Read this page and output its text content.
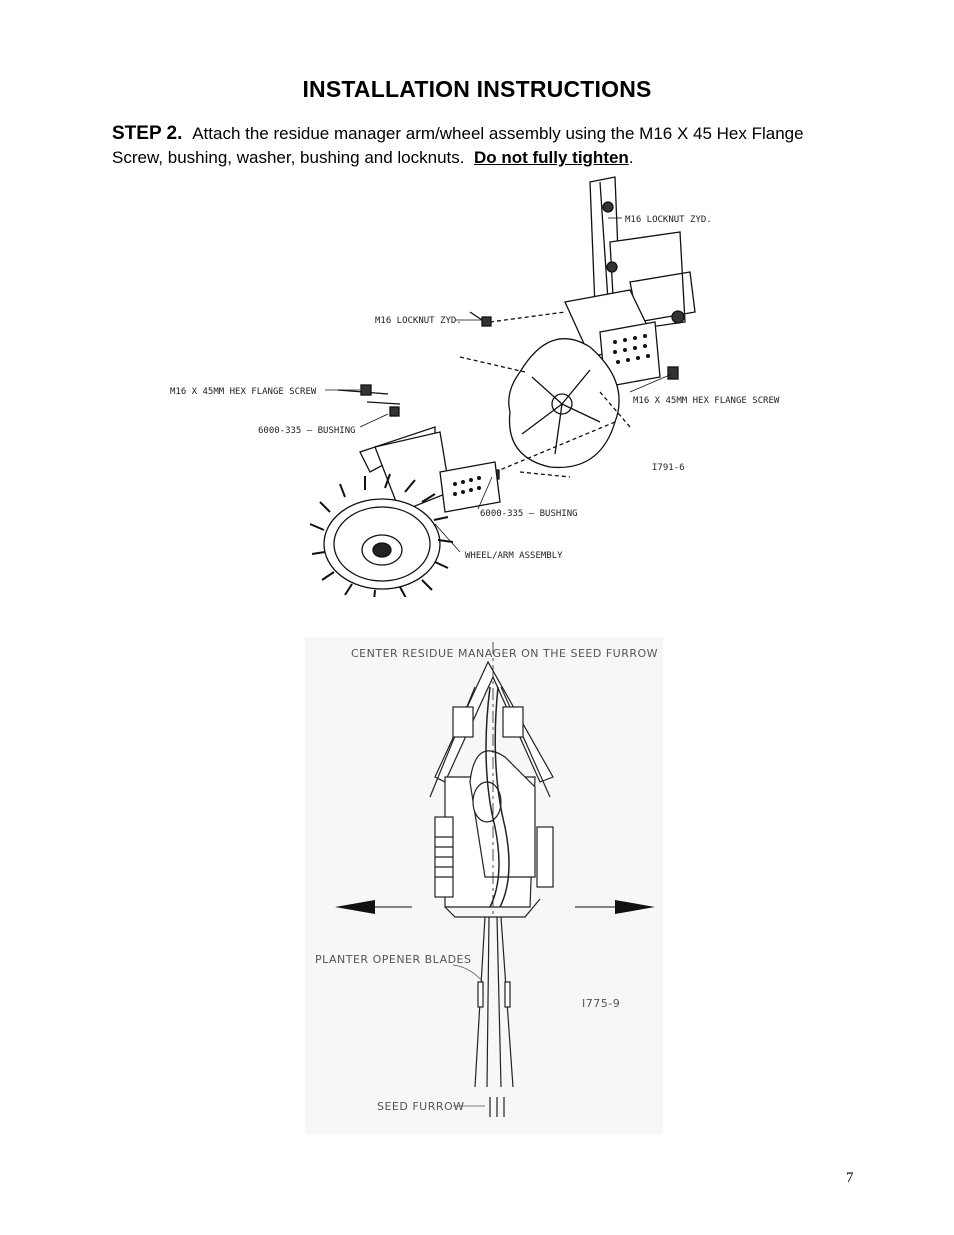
INSTALLATION INSTRUCTIONS
STEP 2. Attach the residue manager arm/wheel assembly using the M16 X 45 Hex Flange Screw, bushing, washer, bushing and locknuts. Do not fully tighten.
M16 LOCKNUT ZYD.
M16 LOCKNUT ZYD.
M16 X 45MM HEX FLANGE SCREW
M16 X 45MM HEX FLANGE SCREW
6000-335 – BUSHING
6000-335 – BUSHING
WHEEL/ARM ASSEMBLY
I791-6
CENTER RESIDUE MANAGER ON THE SEED FURROW
PLANTER OPENER BLADES
SEED FURROW
I775-9
7
